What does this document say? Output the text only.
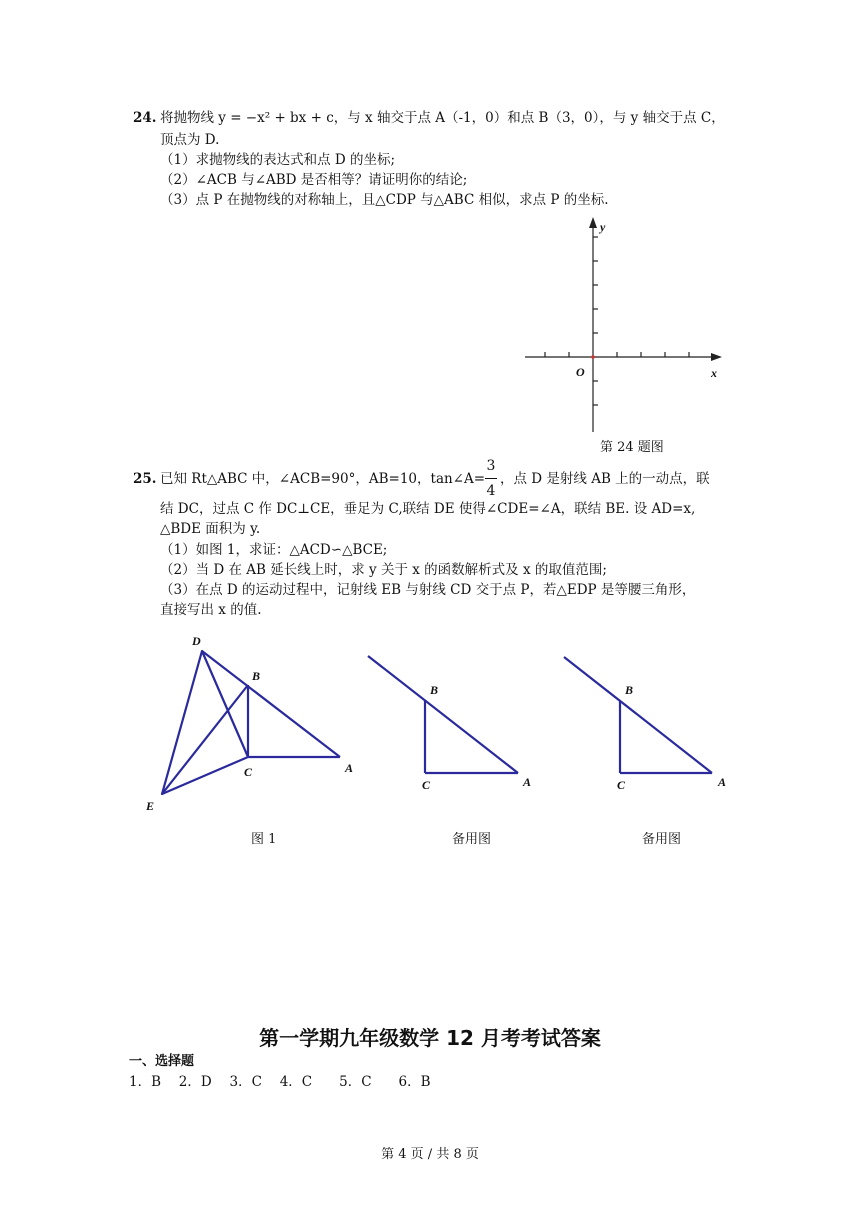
24. 将抛物线 y = −x² + bx + c，与 x 轴交于点 A（-1，0）和点 B（3，0），与 y 轴交于点 C，
顶点为 D.
（1）求抛物线的表达式和点 D 的坐标;
（2）∠ACB 与∠ABD 是否相等？请证明你的结论;
（3）点 P 在抛物线的对称轴上，且△CDP 与△ABC 相似，求点 P 的坐标.
y
x
O
第 24 题图
25. 已知 Rt△ABC 中，∠ACB=90°，AB=10，tan∠A=
3
4
，点 D 是射线 AB 上的一动点，联
结 DC，过点 C 作 DC⊥CE，垂足为 C,联结 DE 使得∠CDE=∠A，联结 BE. 设 AD=x,
△BDE 面积为 y.
（1）如图 1，求证：△ACD∽△BCE;
（2）当 D 在 AB 延长线上时，求 y 关于 x 的函数解析式及 x 的取值范围;
（3）在点 D 的运动过程中，记射线 EB 与射线 CD 交于点 P，若△EDP 是等腰三角形，
直接写出 x 的值.
D
B
C	A
E
图 1
B
C	A
备用图
B
C	A
备用图
第一学期九年级数学 12 月考考试答案
一、选择题
1．B　 2．D　 3．C　 4．C　　5．C　　6．B
第 4 页 / 共 8 页
